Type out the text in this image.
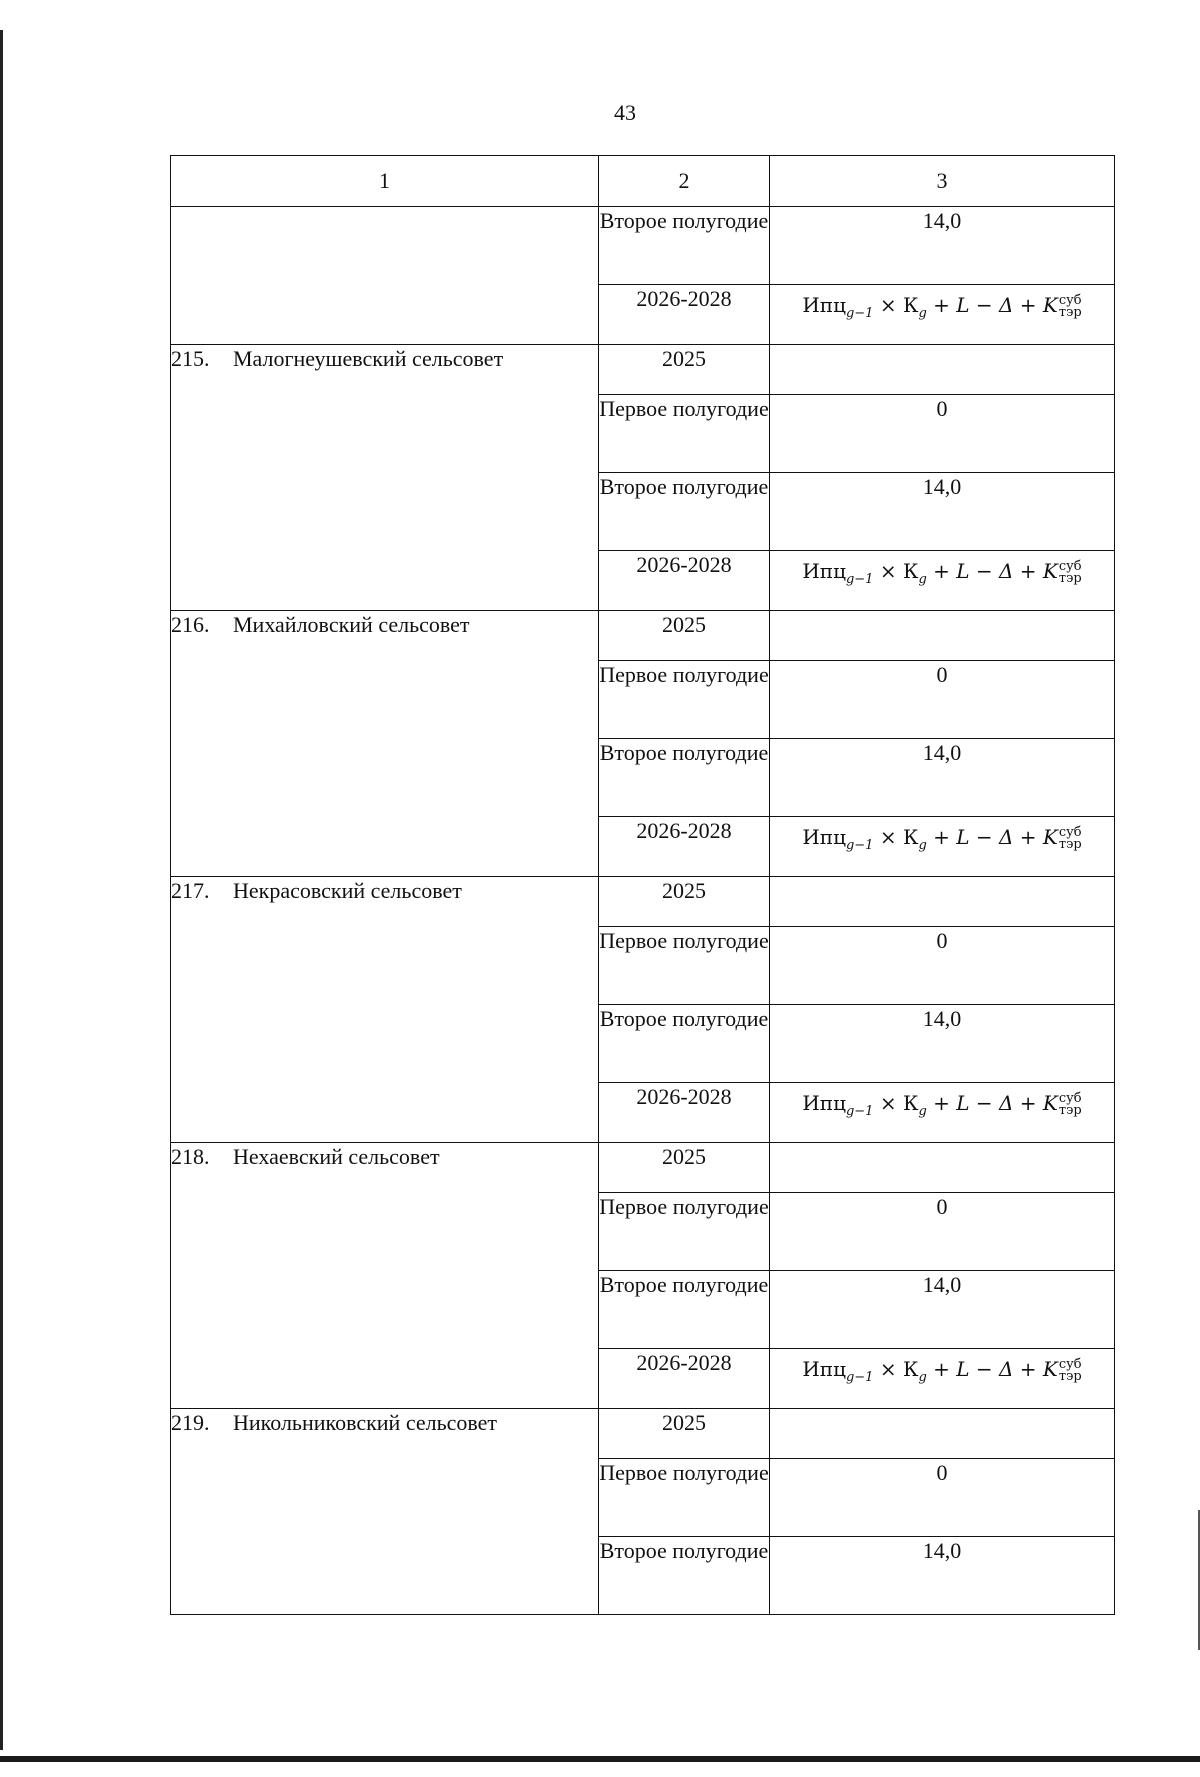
43
1	2	3
	Второе полугодие	14,0
	2026-2028	$Ипц_{g-1} \times К_g + L - \Delta + K$ суб
тэр

215. Малогнеушевский сельсовет	2025	
	Первое полугодие	0
	Второе полугодие	14,0
	2026-2028	$Ипц_{g-1} \times К_g + L - \Delta + K$ суб
тэр

216. Михайловский сельсовет	2025	
	Первое полугодие	0
	Второе полугодие	14,0
	2026-2028	$Ипц_{g-1} \times К_g + L - \Delta + K$ суб
тэр

217. Некрасовский сельсовет	2025	
	Первое полугодие	0
	Второе полугодие	14,0
	2026-2028	$Ипц_{g-1} \times К_g + L - \Delta + K$ суб
тэр

218. Нехаевский сельсовет	2025	
	Первое полугодие	0
	Второе полугодие	14,0
	2026-2028	$Ипц_{g-1} \times К_g + L - \Delta + K$ суб
тэр

219. Никольниковский сельсовет	2025	
	Первое полугодие	0
	Второе полугодие	14,0
